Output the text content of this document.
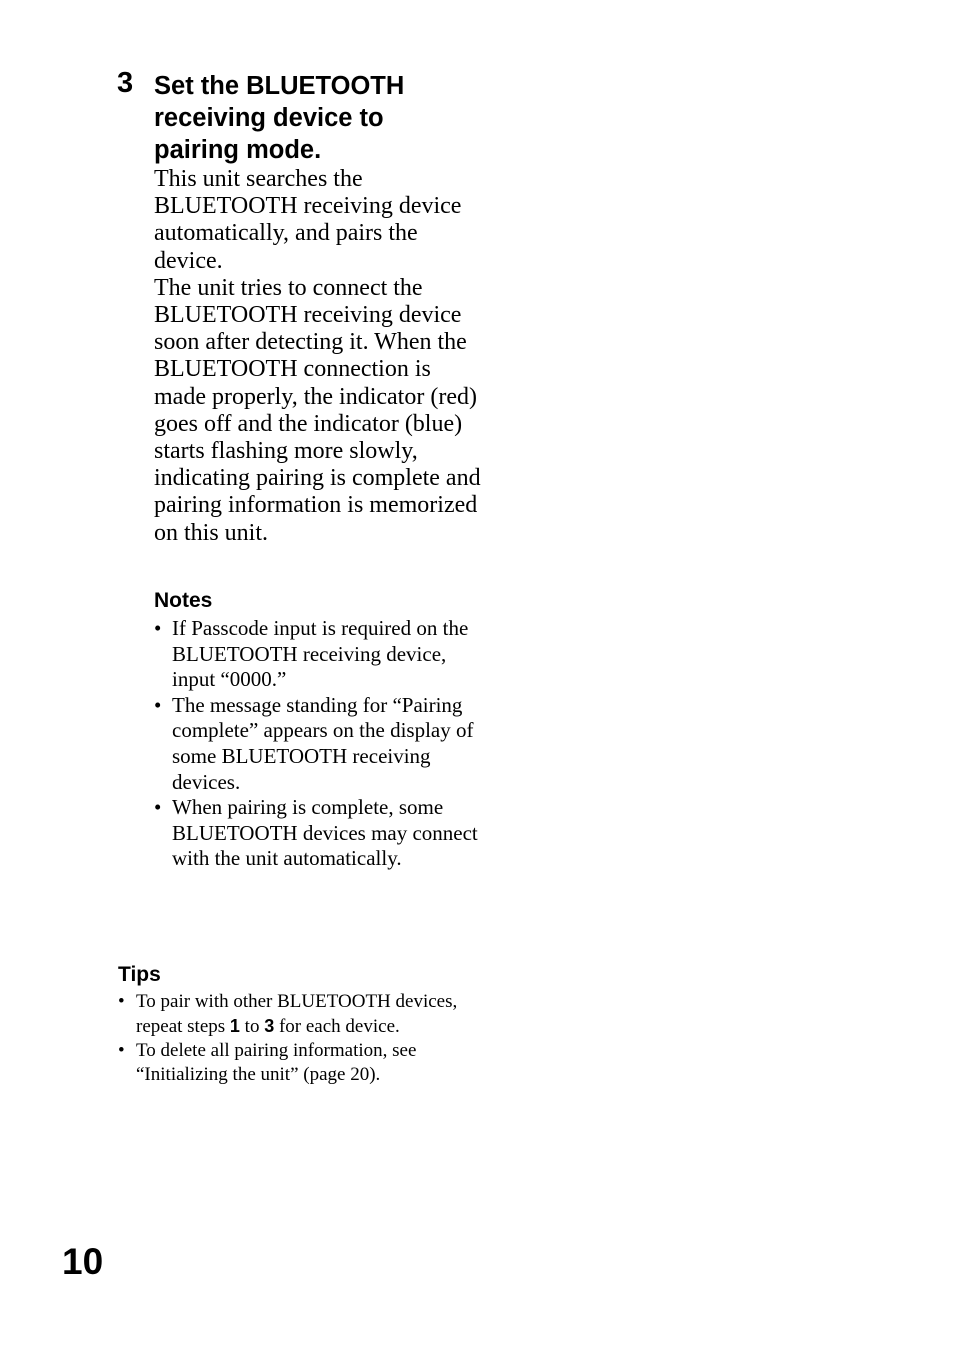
3 Set the BLUETOOTH receiving device to pairing mode.

This unit searches the BLUETOOTH receiving device automatically, and pairs the device.

The unit tries to connect the BLUETOOTH receiving device soon after detecting it. When the BLUETOOTH connection is made properly, the indicator (red) goes off and the indicator (blue) starts flashing more slowly, indicating pairing is complete and pairing information is memorized on this unit.

Notes
• If Passcode input is required on the BLUETOOTH receiving device, input “0000.”
• The message standing for “Pairing complete” appears on the display of some BLUETOOTH receiving devices.
• When pairing is complete, some BLUETOOTH devices may connect with the unit automatically.
Tips
• To pair with other BLUETOOTH devices, repeat steps 1 to 3 for each device.
• To delete all pairing information, see “Initializing the unit” (page 20).
10
